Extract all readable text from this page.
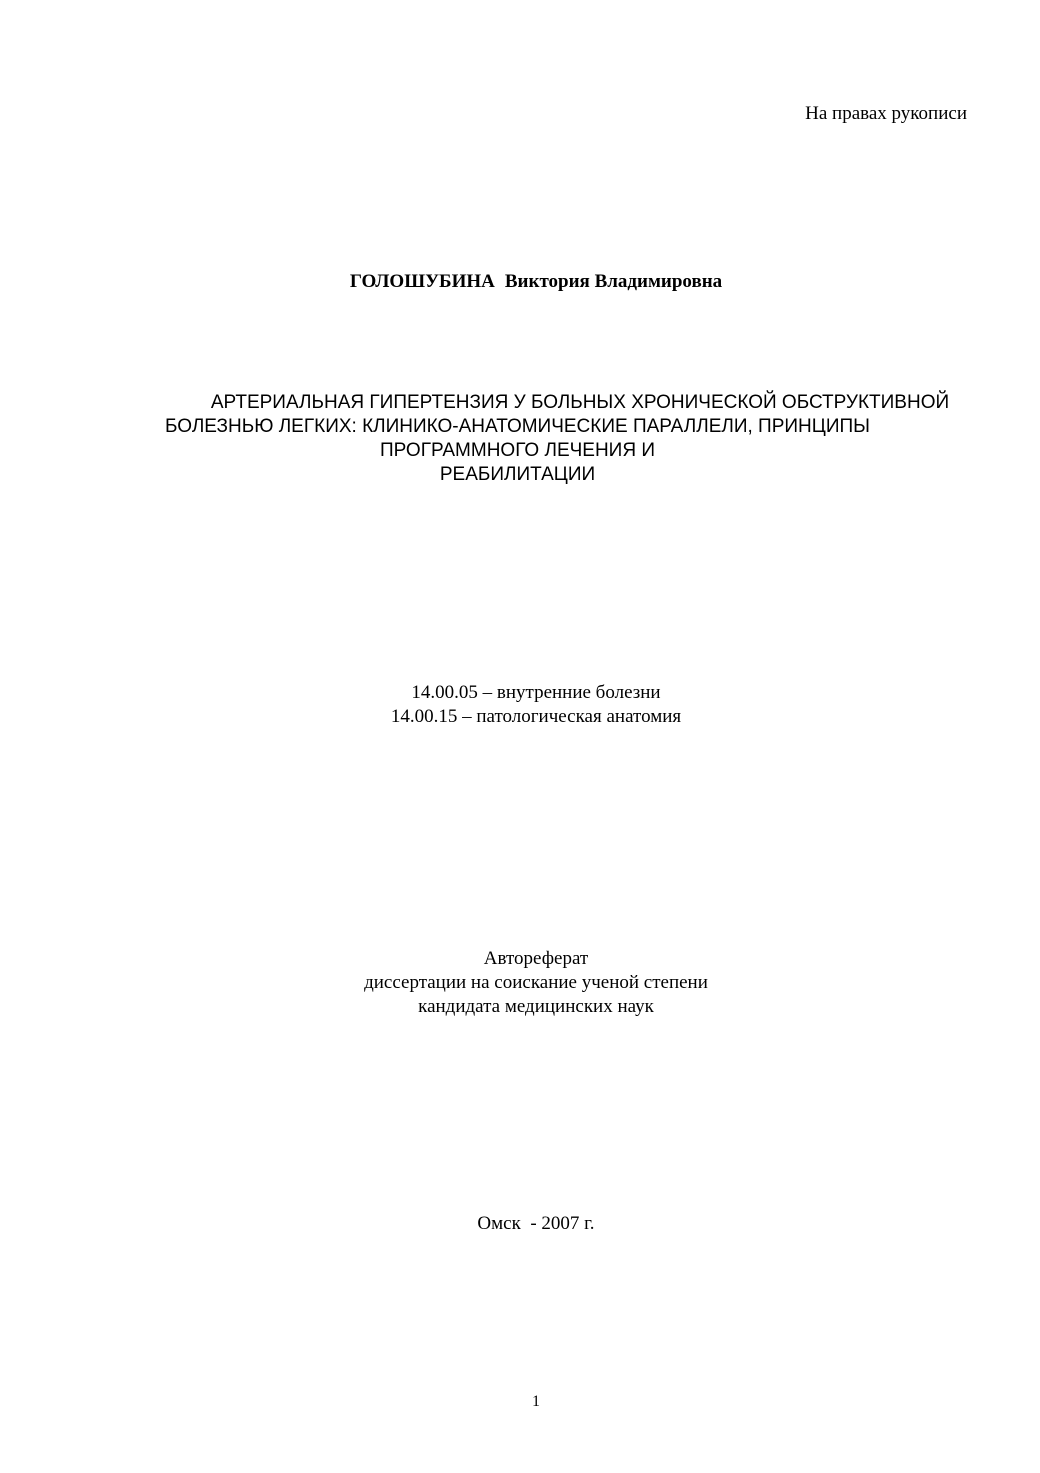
На правах рукописи
ГОЛОШУБИНА Виктория Владимировна
АРТЕРИАЛЬНАЯ ГИПЕРТЕНЗИЯ У БОЛЬНЫХ ХРОНИЧЕСКОЙ ОБСТРУКТИВНОЙ
БОЛЕЗНЬЮ ЛЕГКИХ: КЛИНИКО-АНАТОМИЧЕСКИЕ ПАРАЛЛЕЛИ, ПРИНЦИПЫ
ПРОГРАММНОГО ЛЕЧЕНИЯ И
РЕАБИЛИТАЦИИ
14.00.05 – внутренние болезни
14.00.15 – патологическая анатомия
Автореферат
диссертации на соискание ученой степени
кандидата медицинских наук
Омск  - 2007 г.
1
